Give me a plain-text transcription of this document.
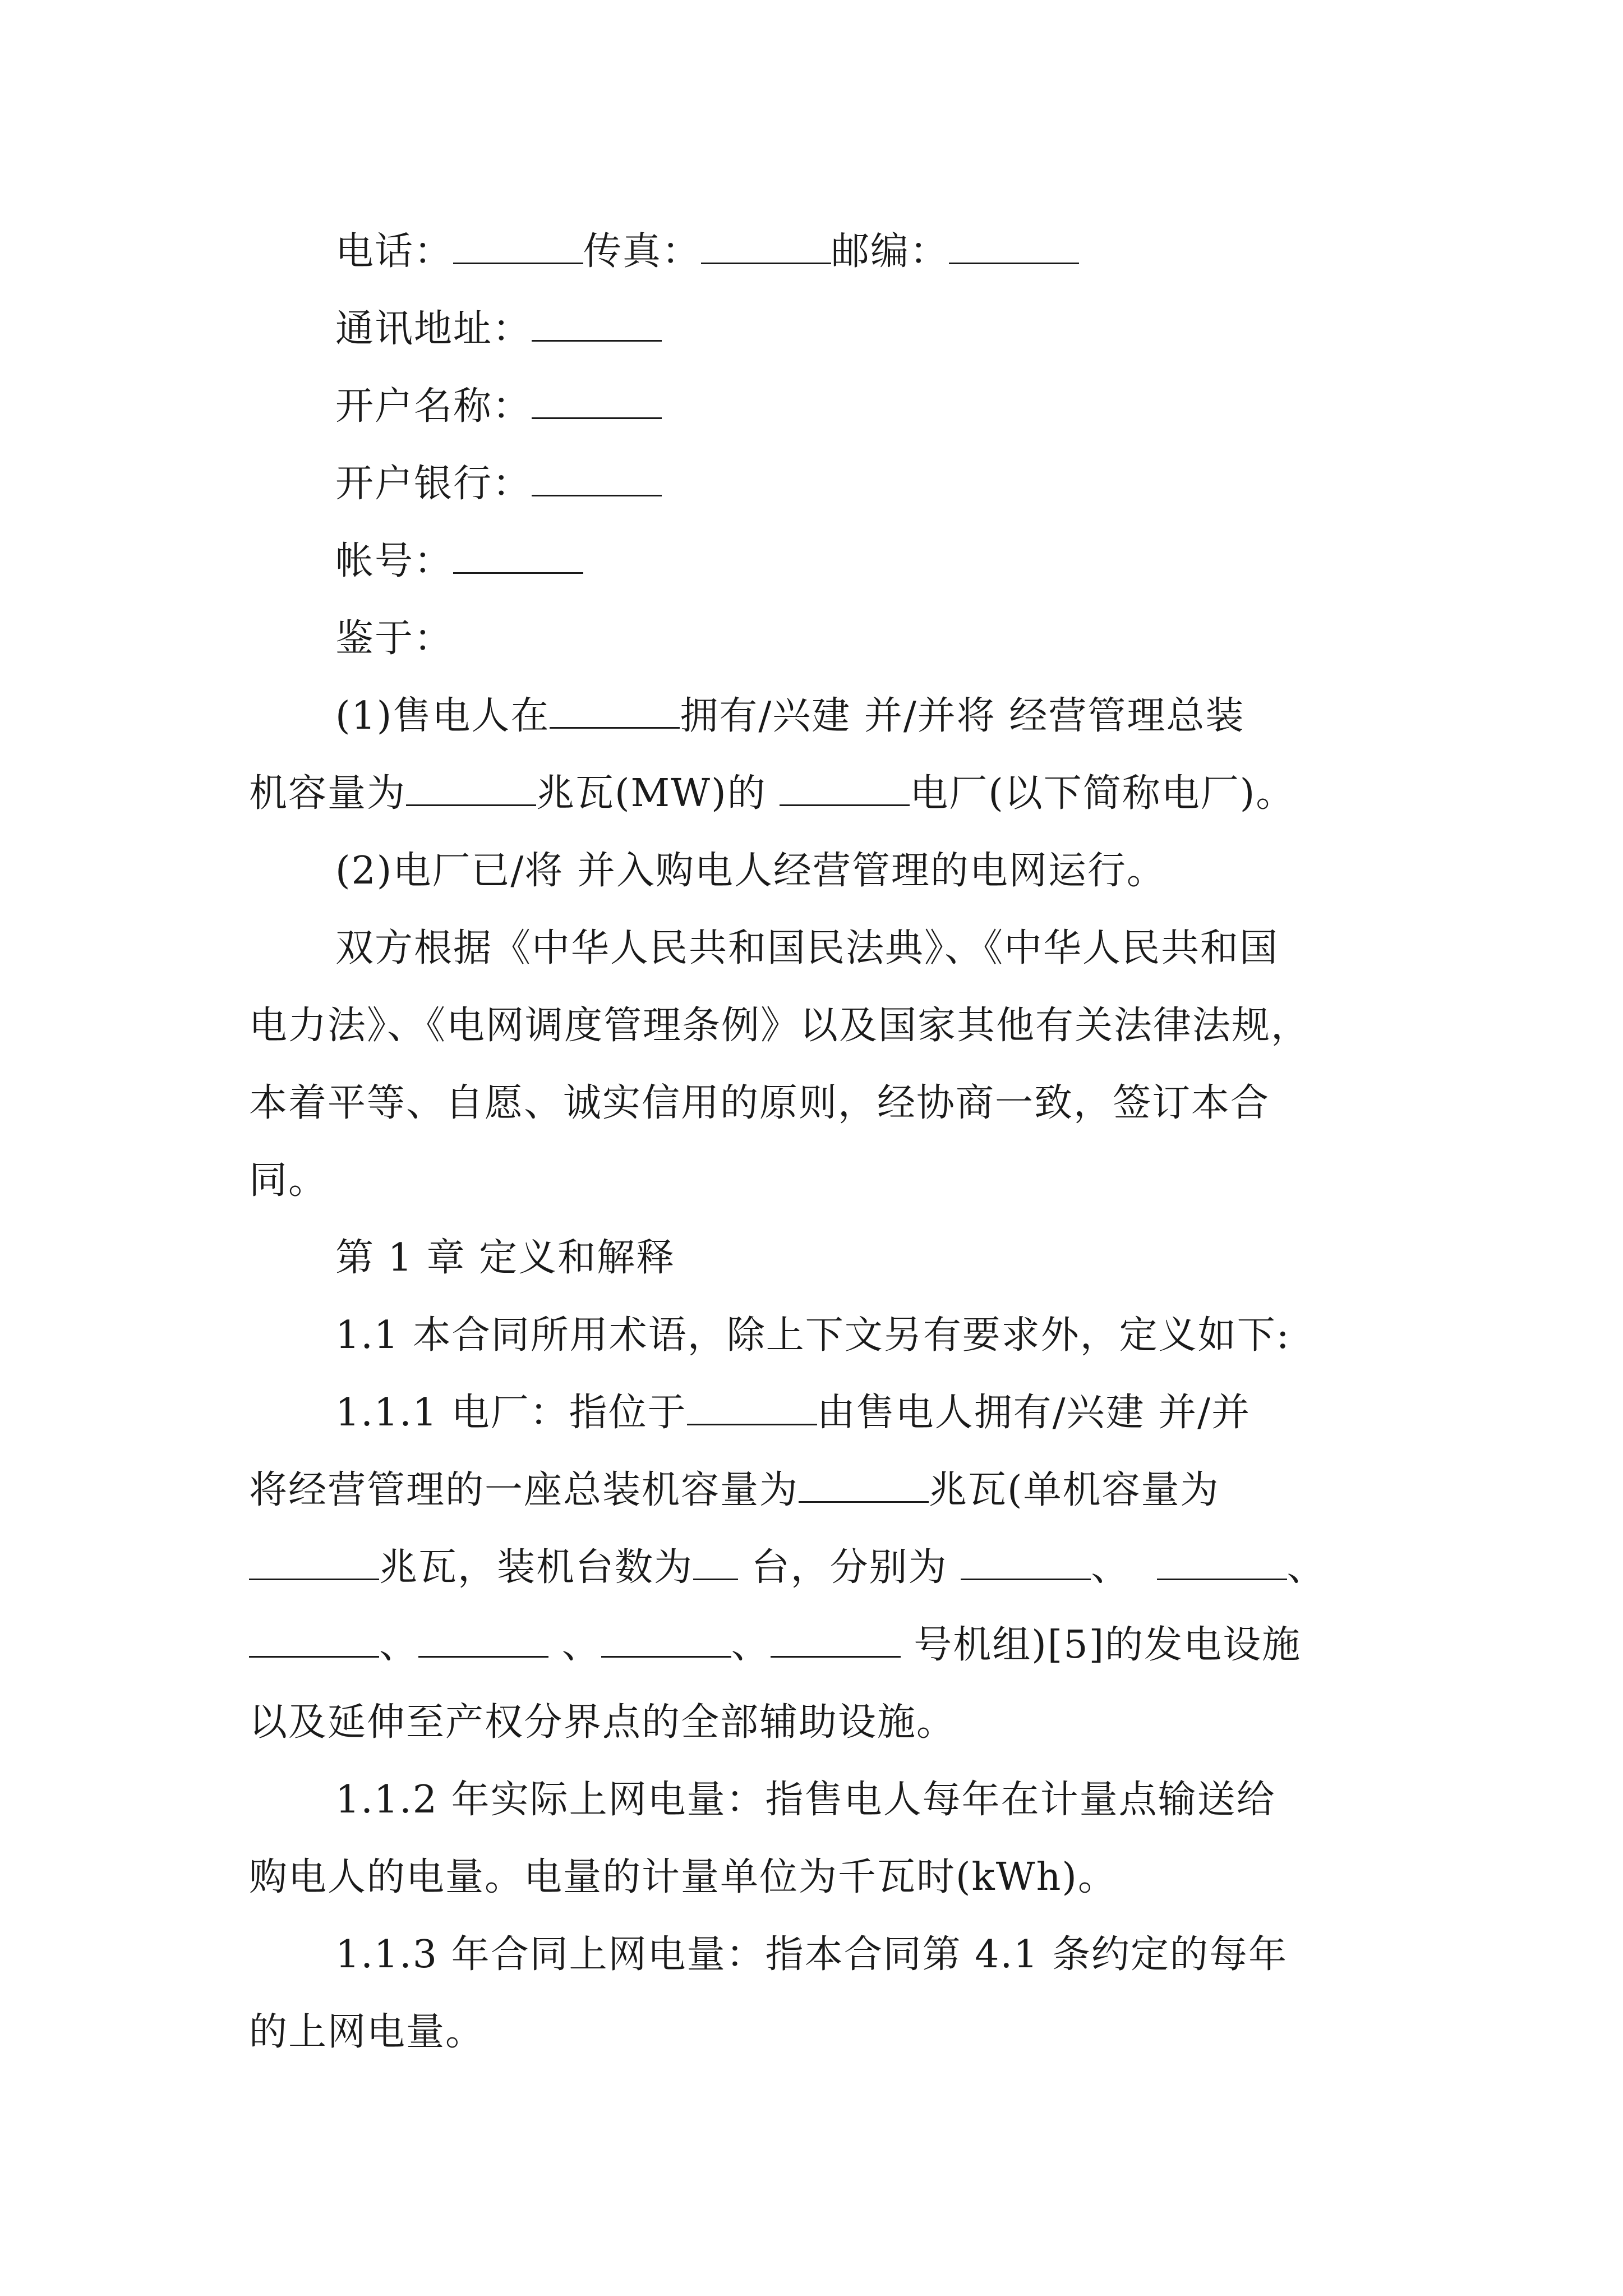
电话：	传真：	邮编：
通讯地址：
开户名称：
开户银行：
帐号：
鉴于：
(1)售电人在	拥有/兴建 并/并将 经营管理总装
机容量为	兆瓦(MW)的	电厂(以下简称电厂)。
(2)电厂已/将 并入购电人经营管理的电网运行。
双方根据《中华人民共和国民法典》、《中华人民共和国
电力法》、《电网调度管理条例》以及国家其他有关法律法规，
本着平等、自愿、诚实信用的原则，经协商一致，签订本合
同。
第 1 章 定义和解释
1.1 本合同所用术语，除上下文另有要求外，定义如下:
1.1.1 电厂：指位于	由售电人拥有/兴建 并/并
将经营管理的一座总装机容量为	兆瓦(单机容量为
兆瓦，装机台数为 台，分别为	、	、
、	、	、	号机组)[5]的发电设施
以及延伸至产权分界点的全部辅助设施。
1.1.2 年实际上网电量：指售电人每年在计量点输送给
购电人的电量。电量的计量单位为千瓦时(kWh)。
1.1.3 年合同上网电量：指本合同第 4.1 条约定的每年
的上网电量。
